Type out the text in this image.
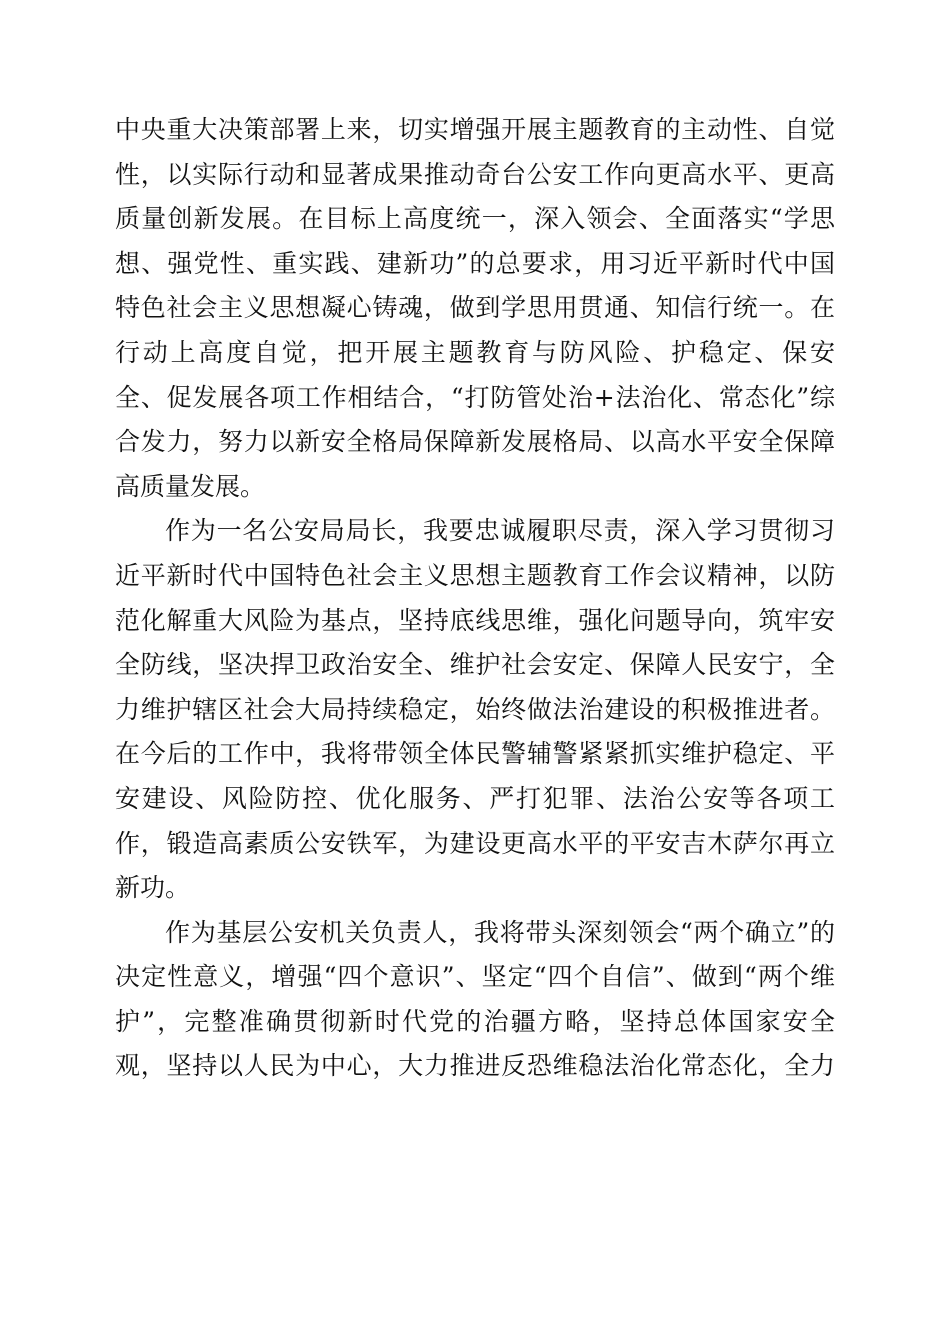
中央重大决策部署上来，切实增强开展主题教育的主动性、自觉
性，以实际行动和显著成果推动奇台公安工作向更高水平、更高
质量创新发展。在目标上高度统一，深入领会、全面落实“学思
想、强党性、重实践、建新功”的总要求，用习近平新时代中国
特色社会主义思想凝心铸魂，做到学思用贯通、知信行统一。在
行动上高度自觉，把开展主题教育与防风险、护稳定、保安
全、促发展各项工作相结合，“打防管处治+法治化、常态化”综
合发力，努力以新安全格局保障新发展格局、以高水平安全保障
高质量发展。
作为一名公安局局长，我要忠诚履职尽责，深入学习贯彻习
近平新时代中国特色社会主义思想主题教育工作会议精神，以防
范化解重大风险为基点，坚持底线思维，强化问题导向，筑牢安
全防线，坚决捍卫政治安全、维护社会安定、保障人民安宁，全
力维护辖区社会大局持续稳定，始终做法治建设的积极推进者。
在今后的工作中，我将带领全体民警辅警紧紧抓实维护稳定、平
安建设、风险防控、优化服务、严打犯罪、法治公安等各项工
作，锻造高素质公安铁军，为建设更高水平的平安吉木萨尔再立
新功。
作为基层公安机关负责人，我将带头深刻领会“两个确立”的
决定性意义，增强“四个意识”、坚定“四个自信”、做到“两个维
护”，完整准确贯彻新时代党的治疆方略，坚持总体国家安全
观，坚持以人民为中心，大力推进反恐维稳法治化常态化，全力
